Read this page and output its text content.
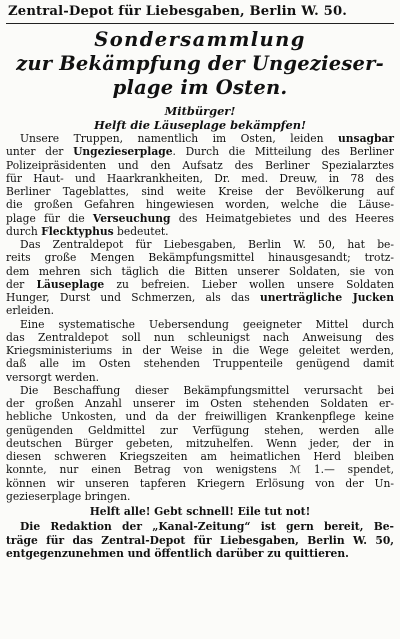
Zentral-Depot für Liebesgaben, Berlin W. 50.
Sondersammlung
zur Bekämpfung der Ungezieser-
plage im Osten.
Mitbürger!
Helft die Läuseplage bekämpfen!
Unsere Truppen, namentlich im Osten, leiden unsagbar
unter der Ungezieserplage. Durch die Mitteilung des Berliner
Polizeipräsidenten und den Aufsatz des Berliner Spezialarztes
für Haut- und Haarkrankheiten, Dr. med. Dreuw, in 78 des
Berliner Tageblattes, sind weite Kreise der Bevölkerung auf
die großen Gefahren hingewiesen worden, welche die Läuse-
plage für die Verseuchung des Heimatgebietes und des Heeres
durch Flecktyphus bedeutet.
Das Zentraldepot für Liebesgaben, Berlin W. 50, hat be-
reits große Mengen Bekämpfungsmittel hinausgesandt; trotz-
dem mehren sich täglich die Bitten unserer Soldaten, sie von
der Läuseplage zu befreien. Lieber wollen unsere Soldaten
Hunger, Durst und Schmerzen, als das unerträgliche Jucken
erleiden.
Eine systematische Uebersendung geeigneter Mittel durch
das Zentraldepot soll nun schleunigst nach Anweisung des
Kriegsministeriums in der Weise in die Wege geleitet werden,
daß alle im Osten stehenden Truppenteile genügend damit
versorgt werden.
Die Beschaffung dieser Bekämpfungsmittel verursacht bei
der großen Anzahl unserer im Osten stehenden Soldaten er-
hebliche Unkosten, und da der freiwilligen Krankenpflege keine
genügenden Geldmittel zur Verfügung stehen, werden alle
deutschen Bürger gebeten, mitzuhelfen. Wenn jeder, der in
diesen schweren Kriegszeiten am heimatlichen Herd bleiben
konnte, nur einen Betrag von wenigstens ℳ 1.— spendet,
können wir unseren tapferen Kriegern Erlösung von der Un-
gezieserplage bringen.
Helft alle! Gebt schnell! Eile tut not!
Die Redaktion der „Kanal-Zeitung“ ist gern bereit, Be-
träge für das Zentral-Depot für Liebesgaben, Berlin W. 50,
entgegenzunehmen und öffentlich darüber zu quittieren.
